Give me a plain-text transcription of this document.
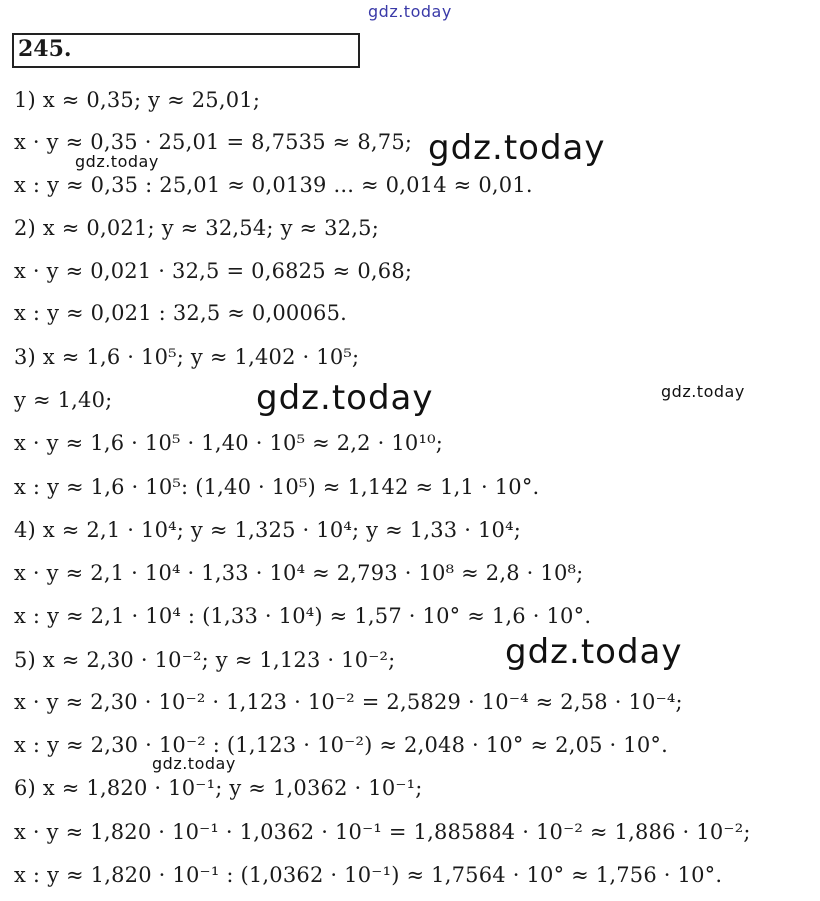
245.
1) x ≈ 0,35; y ≈ 25,01;
x · y ≈ 0,35 · 25,01 = 8,7535 ≈ 8,75;
x : y ≈ 0,35 : 25,01 ≈ 0,0139 ... ≈ 0,014 ≈ 0,01.
2) x ≈ 0,021; y ≈ 32,54; y ≈ 32,5;
x · y ≈ 0,021 · 32,5 = 0,6825 ≈ 0,68;
x : y ≈ 0,021 : 32,5 ≈ 0,00065.
3) x ≈ 1,6 · 10⁵; y ≈ 1,402 · 10⁵;
y ≈ 1,40;
x · y ≈ 1,6 · 10⁵ · 1,40 · 10⁵ ≈ 2,2 · 10¹⁰;
x : y ≈ 1,6 · 10⁵: (1,40 · 10⁵) ≈ 1,142 ≈ 1,1 · 10°.
4) x ≈ 2,1 · 10⁴; y ≈ 1,325 · 10⁴; y ≈ 1,33 · 10⁴;
x · y ≈ 2,1 · 10⁴ · 1,33 · 10⁴ ≈ 2,793 · 10⁸ ≈ 2,8 · 10⁸;
x : y ≈ 2,1 · 10⁴ : (1,33 · 10⁴) ≈ 1,57 · 10° ≈ 1,6 · 10°.
5) x ≈ 2,30 · 10⁻²; y ≈ 1,123 · 10⁻²;
x · y ≈ 2,30 · 10⁻² · 1,123 · 10⁻² = 2,5829 · 10⁻⁴ ≈ 2,58 · 10⁻⁴;
x : y ≈ 2,30 · 10⁻² : (1,123 · 10⁻²) ≈ 2,048 · 10° ≈ 2,05 · 10°.
6) x ≈ 1,820 · 10⁻¹; y ≈ 1,0362 · 10⁻¹;
x · y ≈ 1,820 · 10⁻¹ · 1,0362 · 10⁻¹ = 1,885884 · 10⁻² ≈ 1,886 · 10⁻²;
x : y ≈ 1,820 · 10⁻¹ : (1,0362 · 10⁻¹) ≈ 1,7564 · 10° ≈ 1,756 · 10°.
gdz.today
gdz.today
gdz.today
gdz.today	gdz.today
gdz.today
gdz.today
